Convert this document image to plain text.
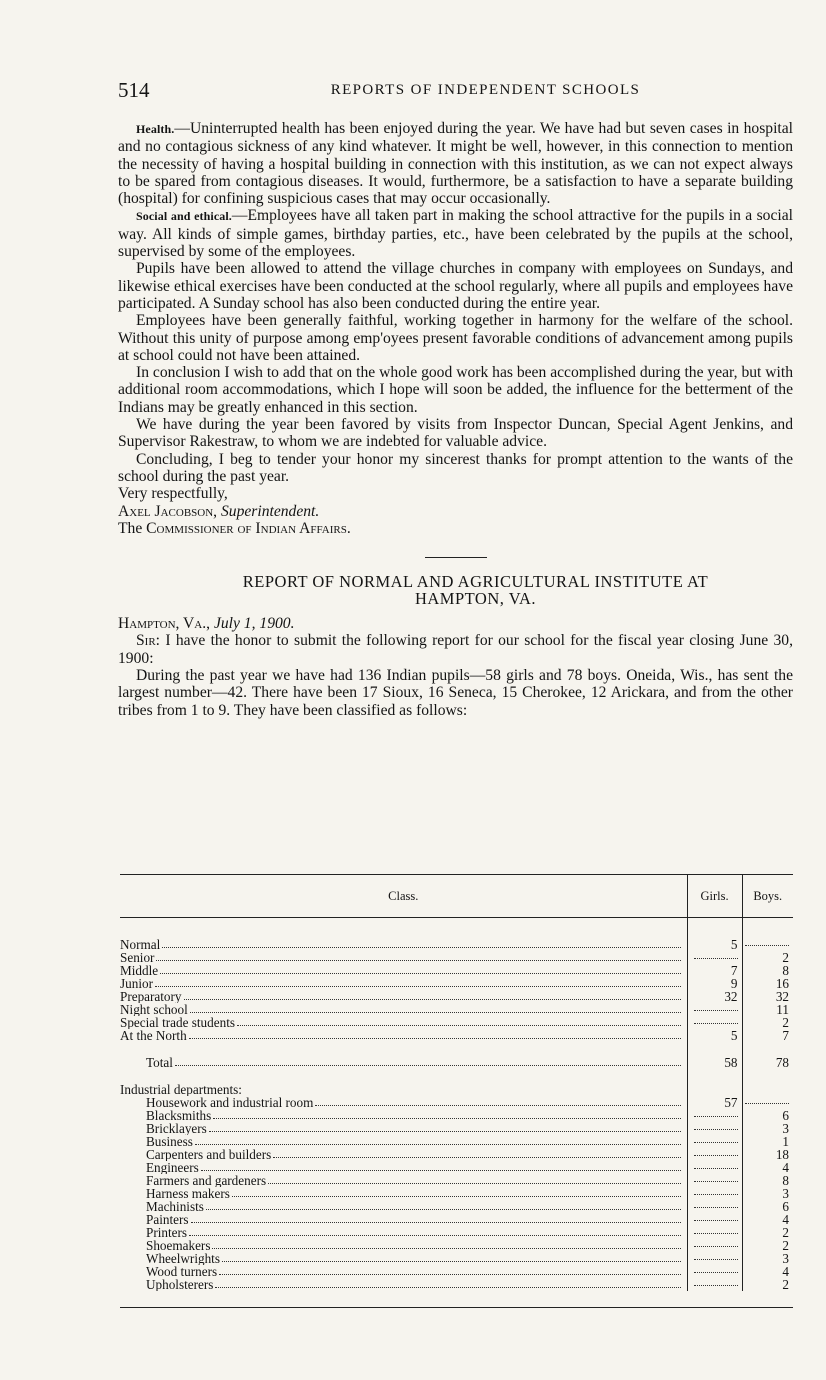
514	REPORTS OF INDEPENDENT SCHOOLS

Health.—Uninterrupted health has been enjoyed during the year. We have had but seven cases in hospital and no contagious sickness of any kind whatever. It might be well, however, in this connection to mention the necessity of having a hospital building in connection with this institution, as we can not expect always to be spared from contagious diseases. It would, furthermore, be a satisfaction to have a separate building (hospital) for confining suspicious cases that may occur occasionally.

Social and ethical.—Employees have all taken part in making the school attractive for the pupils in a social way. All kinds of simple games, birthday parties, etc., have been celebrated by the pupils at the school, supervised by some of the employees.

Pupils have been allowed to attend the village churches in company with employees on Sundays, and likewise ethical exercises have been conducted at the school regularly, where all pupils and employees have participated. A Sunday school has also been conducted during the entire year.

Employees have been generally faithful, working together in harmony for the welfare of the school. Without this unity of purpose among emp'oyees present favorable conditions of advancement among pupils at school could not have been attained.

In conclusion I wish to add that on the whole good work has been accomplished during the year, but with additional room accommodations, which I hope will soon be added, the influence for the betterment of the Indians may be greatly enhanced in this section.

We have during the year been favored by visits from Inspector Duncan, Special Agent Jenkins, and Supervisor Rakestraw, to whom we are indebted for valuable advice.

Concluding, I beg to tender your honor my sincerest thanks for prompt attention to the wants of the school during the past year.

Very respectfully,

Axel Jacobson, Superintendent.

The Commissioner of Indian Affairs.

REPORT OF NORMAL AND AGRICULTURAL INSTITUTE AT
HAMPTON, VA.

Hampton, Va., July 1, 1900.

Sir: I have the honor to submit the following report for our school for the fiscal year closing June 30, 1900:

During the past year we have had 136 Indian pupils—58 girls and 78 boys. Oneida, Wis., has sent the largest number—42. There have been 17 Sioux, 16 Seneca, 15 Cherokee, 12 Arickara, and from the other tribes from 1 to 9. They have been classified as follows:

Class.	Girls.	Boys.

Normal	5	

Senior		2

Middle	7	8

Junior	9	16

Preparatory	32	32

Night school		11

Special trade students		2

At the North	5	7

Total	58	78

Industrial departments:		

Housework and industrial room	57	

Blacksmiths		6

Bricklayers		3

Business		1

Carpenters and builders		18

Engineers		4

Farmers and gardeners		8

Harness makers		3

Machinists		6

Painters		4

Printers		2

Shoemakers		2

Wheelwrights		3

Wood turners		4

Upholsterers		2
